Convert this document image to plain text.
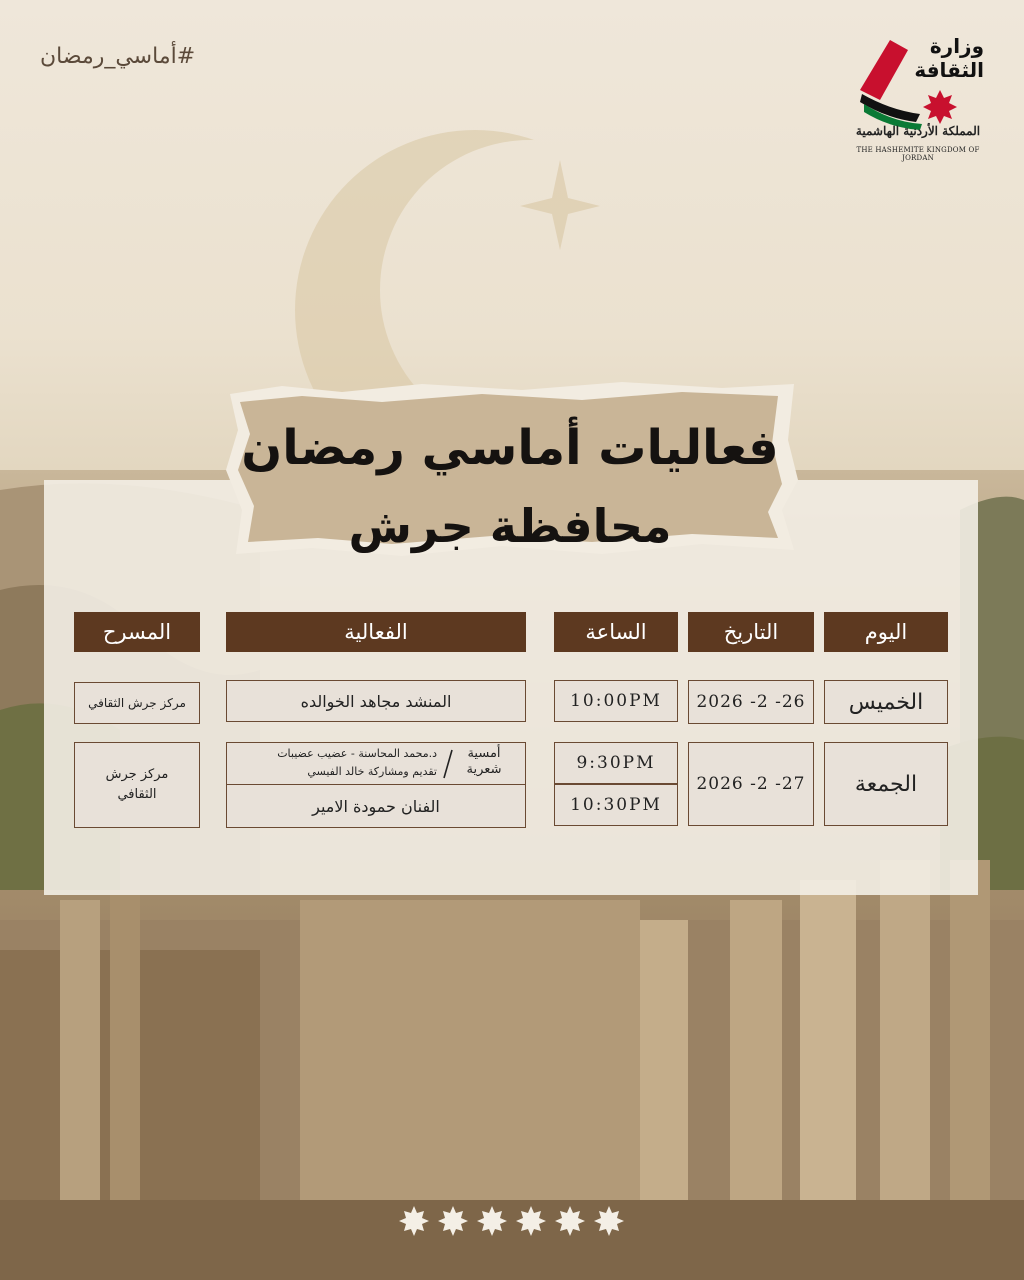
#أماسي_رمضان	وزارة الثقافة
المملكة الأردنية الهاشمية
THE HASHEMITE KINGDOM OF JORDAN
فعاليات أماسي رمضان
محافظة جرش
اليوم
التاريخ
الساعة
الفعالية
المسرح
الخميس
2026 -2 -26
10:00PM
المنشد مجاهد الخوالده
مركز جرش الثقافي
الجمعة
2026 -2 -27
9:30PM
10:30PM
أمسية شعرية
د.محمد المحاسنة - عضيب عضيبات
تقديم ومشاركة خالد الفيسي
الفنان حمودة الامير
مركز جرش
الثقافي
